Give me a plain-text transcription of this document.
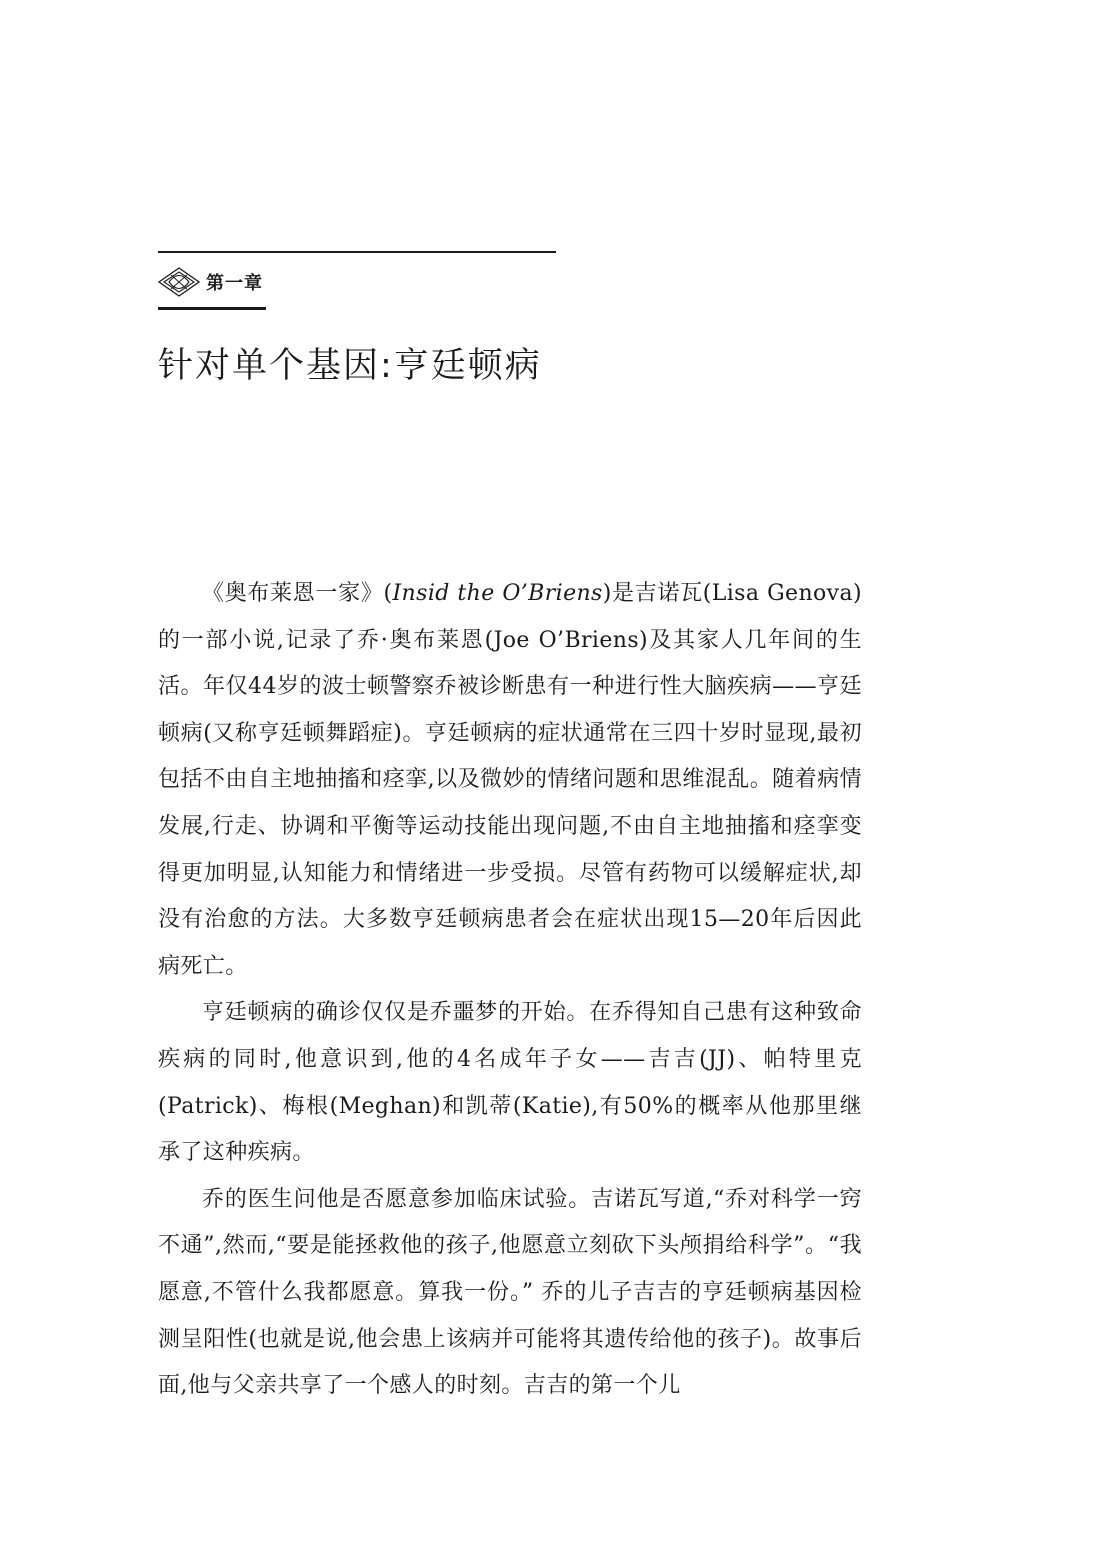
第一章
针对单个基因:亨廷顿病

《奥布莱恩一家》(Insid the O’Briens)是吉诺瓦(Lisa Genova)的一部小说,记录了乔·奥布莱恩(Joe O’Briens)及其家人几年间的生活。年仅44岁的波士顿警察乔被诊断患有一种进行性大脑疾病——亨廷顿病(又称亨廷顿舞蹈症)。亨廷顿病的症状通常在三四十岁时显现,最初包括不由自主地抽搐和痉挛,以及微妙的情绪问题和思维混乱。随着病情发展,行走、协调和平衡等运动技能出现问题,不由自主地抽搐和痉挛变得更加明显,认知能力和情绪进一步受损。尽管有药物可以缓解症状,却没有治愈的方法。大多数亨廷顿病患者会在症状出现15—20年后因此病死亡。

亨廷顿病的确诊仅仅是乔噩梦的开始。在乔得知自己患有这种致命疾病的同时,他意识到,他的4名成年子女——吉吉(JJ)、帕特里克(Patrick)、梅根(Meghan)和凯蒂(Katie),有50%的概率从他那里继承了这种疾病。

乔的医生问他是否愿意参加临床试验。吉诺瓦写道,“乔对科学一窍不通”,然而,“要是能拯救他的孩子,他愿意立刻砍下头颅捐给科学”。“我愿意,不管什么我都愿意。算我一份。” 乔的儿子吉吉的亨廷顿病基因检测呈阳性(也就是说,他会患上该病并可能将其遗传给他的孩子)。故事后面,他与父亲共享了一个感人的时刻。吉吉的第一个儿
